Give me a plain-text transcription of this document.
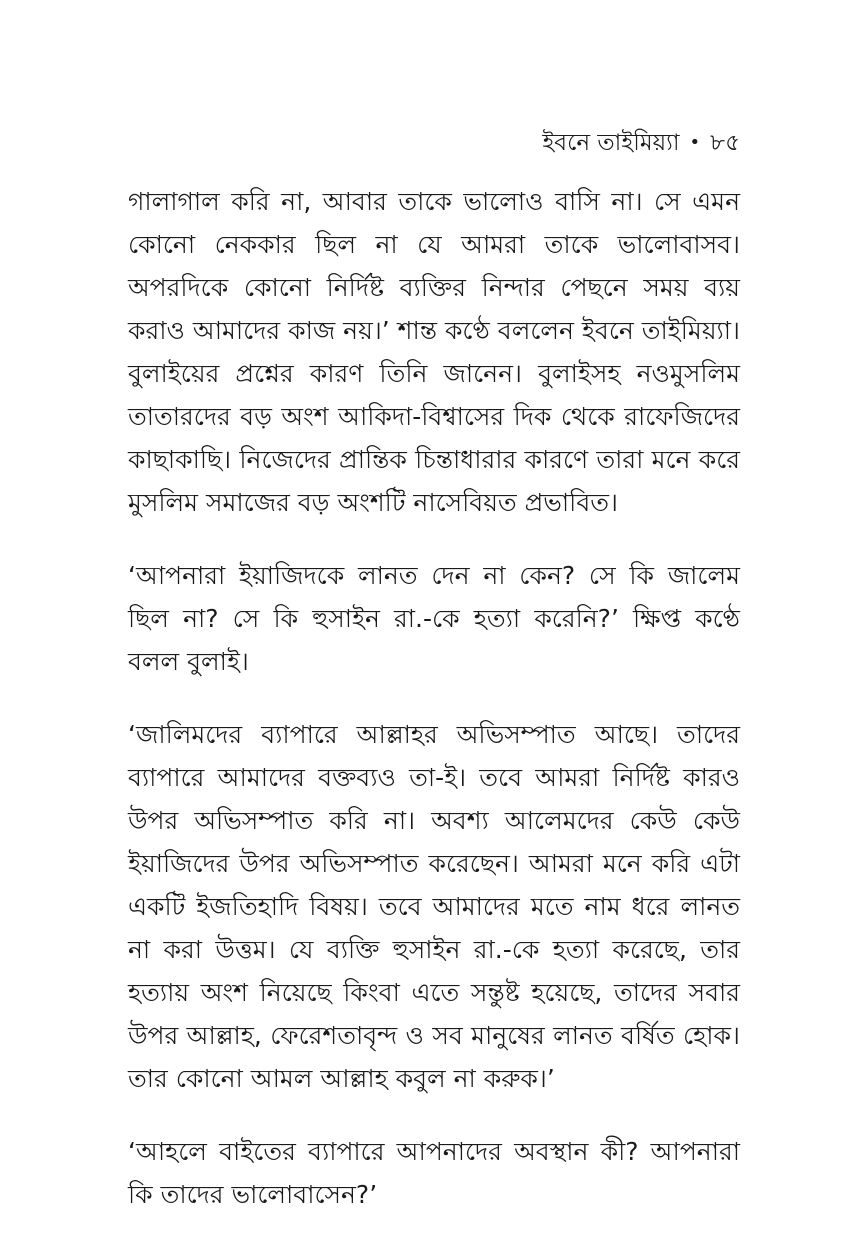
ইবনে তাইমিয়্যা • ৮৫

গালাগাল করি না, আবার তাকে ভালোও বাসি না। সে এমন কোনো নেককার ছিল না যে আমরা তাকে ভালোবাসব। অপরদিকে কোনো নির্দিষ্ট ব্যক্তির নিন্দার পেছনে সময় ব্যয় করাও আমাদের কাজ নয়।’ শান্ত কণ্ঠে বললেন ইবনে তাইমিয়্যা। বুলাইয়ের প্রশ্নের কারণ তিনি জানেন। বুলাইসহ নওমুসলিম তাতারদের বড় অংশ আকিদা-বিশ্বাসের দিক থেকে রাফেজিদের কাছাকাছি। নিজেদের প্রান্তিক চিন্তাধারার কারণে তারা মনে করে মুসলিম সমাজের বড় অংশটি নাসেবিয়ত প্রভাবিত।

‘আপনারা ইয়াজিদকে লানত দেন না কেন? সে কি জালেম ছিল না? সে কি হুসাইন রা.-কে হত্যা করেনি?’ ক্ষিপ্ত কণ্ঠে বলল বুলাই।

‘জালিমদের ব্যাপারে আল্লাহর অভিসম্পাত আছে। তাদের ব্যাপারে আমাদের বক্তব্যও তা-ই। তবে আমরা নির্দিষ্ট কারও উপর অভিসম্পাত করি না। অবশ্য আলেমদের কেউ কেউ ইয়াজিদের উপর অভিসম্পাত করেছেন। আমরা মনে করি এটা একটি ইজতিহাদি বিষয়। তবে আমাদের মতে নাম ধরে লানত না করা উত্তম। যে ব্যক্তি হুসাইন রা.-কে হত্যা করেছে, তার হত্যায় অংশ নিয়েছে কিংবা এতে সন্তুষ্ট হয়েছে, তাদের সবার উপর আল্লাহ, ফেরেশতাবৃন্দ ও সব মানুষের লানত বর্ষিত হোক। তার কোনো আমল আল্লাহ কবুল না করুক।’

‘আহলে বাইতের ব্যাপারে আপনাদের অবস্থান কী? আপনারা কি তাদের ভালোবাসেন?’
